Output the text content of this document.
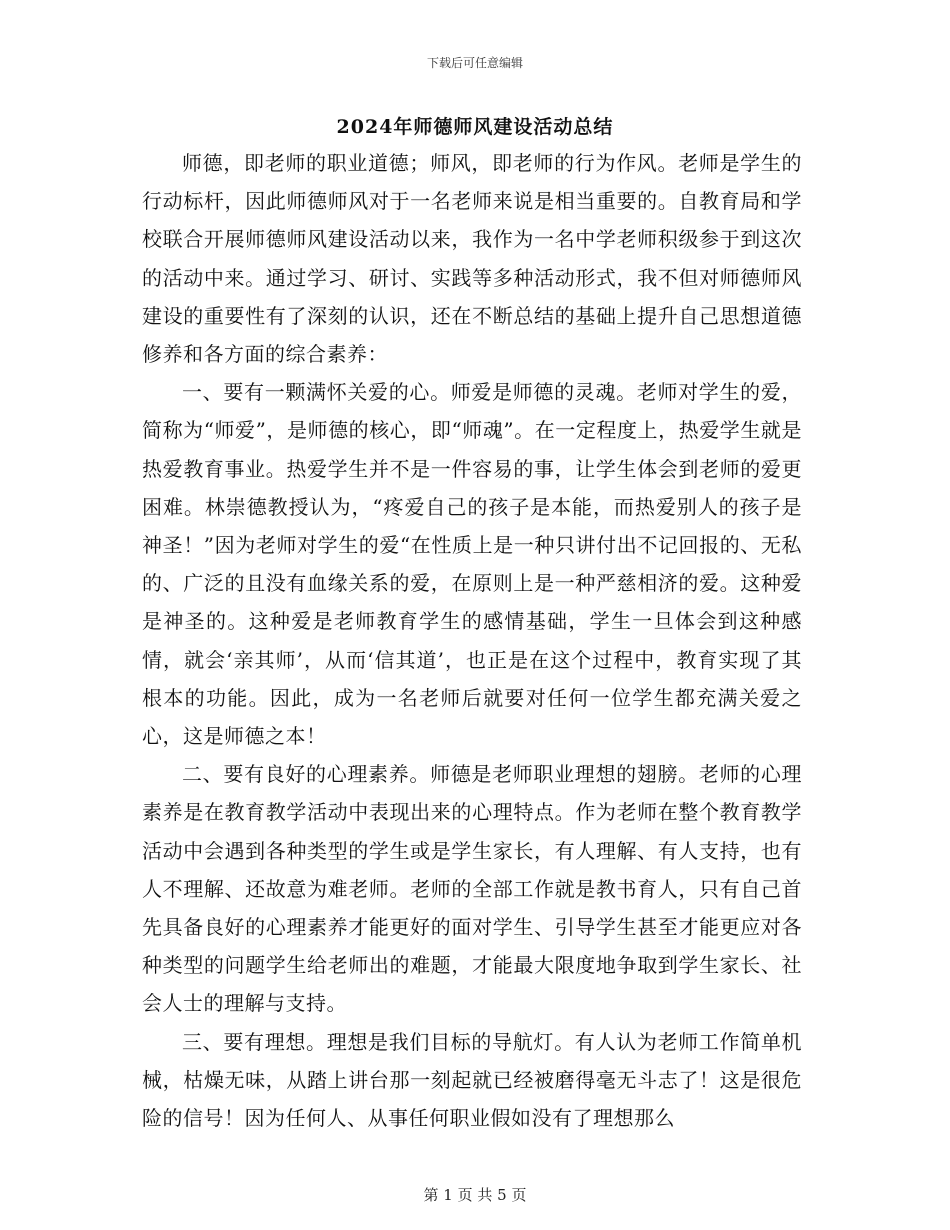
下载后可任意编辑
2024年师德师风建设活动总结

师德，即老师的职业道德；师风，即老师的行为作风。老师是学生的行动标杆，因此师德师风对于一名老师来说是相当重要的。自教育局和学校联合开展师德师风建设活动以来，我作为一名中学老师积级参于到这次的活动中来。通过学习、研讨、实践等多种活动形式，我不但对师德师风建设的重要性有了深刻的认识，还在不断总结的基础上提升自己思想道德修养和各方面的综合素养：

一、要有一颗满怀关爱的心。师爱是师德的灵魂。老师对学生的爱，简称为“师爱”，是师德的核心，即“师魂”。在一定程度上，热爱学生就是热爱教育事业。热爱学生并不是一件容易的事，让学生体会到老师的爱更困难。林崇德教授认为，“疼爱自己的孩子是本能，而热爱别人的孩子是神圣！”因为老师对学生的爱“在性质上是一种只讲付出不记回报的、无私的、广泛的且没有血缘关系的爱，在原则上是一种严慈相济的爱。这种爱是神圣的。这种爱是老师教育学生的感情基础，学生一旦体会到这种感情，就会‘亲其师’，从而‘信其道’，也正是在这个过程中，教育实现了其根本的功能。因此，成为一名老师后就要对任何一位学生都充满关爱之心，这是师德之本！

二、要有良好的心理素养。师德是老师职业理想的翅膀。老师的心理素养是在教育教学活动中表现出来的心理特点。作为老师在整个教育教学活动中会遇到各种类型的学生或是学生家长，有人理解、有人支持，也有人不理解、还故意为难老师。老师的全部工作就是教书育人，只有自己首先具备良好的心理素养才能更好的面对学生、引导学生甚至才能更应对各种类型的问题学生给老师出的难题，才能最大限度地争取到学生家长、社会人士的理解与支持。

三、要有理想。理想是我们目标的导航灯。有人认为老师工作简单机械，枯燥无味，从踏上讲台那一刻起就已经被磨得毫无斗志了！这是很危险的信号！因为任何人、从事任何职业假如没有了理想那么

第 1 页 共 5 页
